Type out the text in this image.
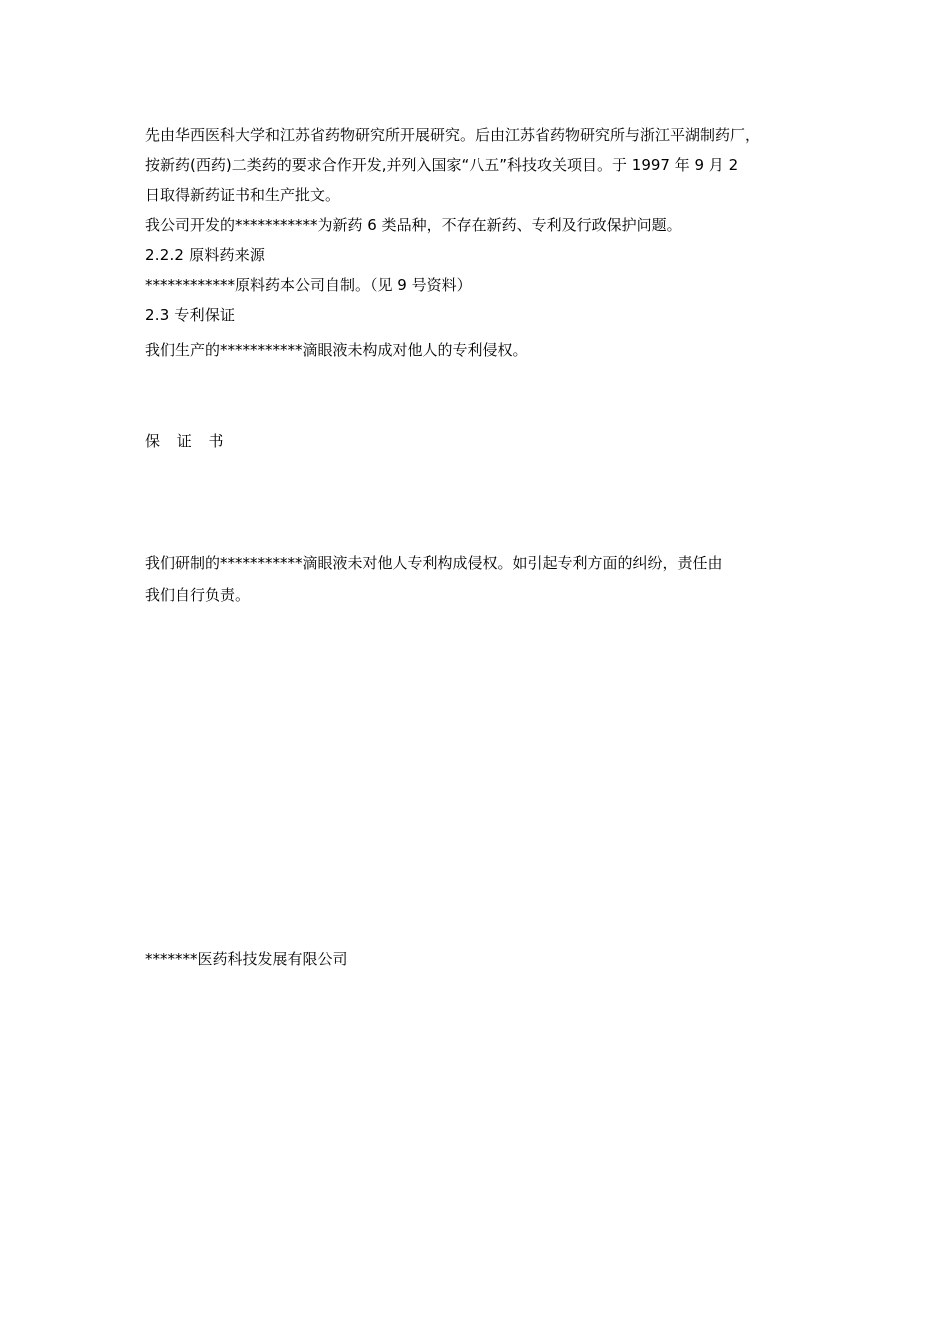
先由华西医科大学和江苏省药物研究所开展研究。后由江苏省药物研究所与浙江平湖制药厂，
按新药(西药)二类药的要求合作开发,并列入国家“八五”科技攻关项目。于 1997 年 9 月 2
日取得新药证书和生产批文。
我公司开发的***********为新药 6 类品种，不存在新药、专利及行政保护问题。
2.2.2 原料药来源
************原料药本公司自制。（见 9 号资料）
2.3 专利保证
我们生产的***********滴眼液未构成对他人的专利侵权。
保 证 书
我们研制的***********滴眼液未对他人专利构成侵权。如引起专利方面的纠纷，责任由
我们自行负责。
*******医药科技发展有限公司
